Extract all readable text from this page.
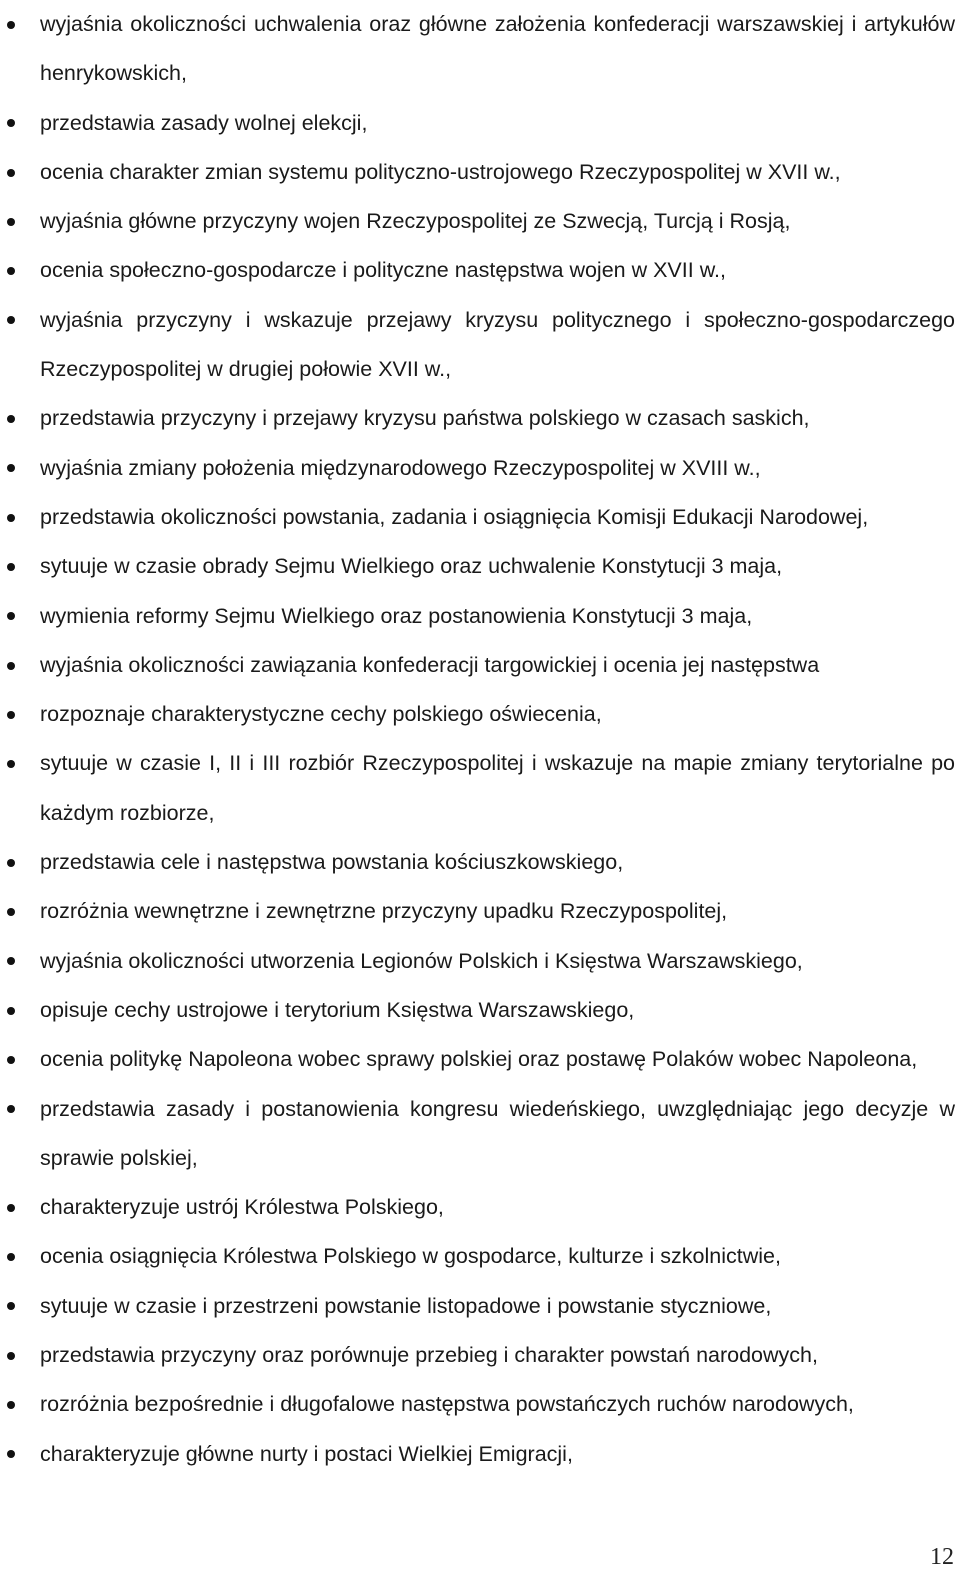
wyjaśnia okoliczności uchwalenia oraz główne założenia konfederacji warszawskiej i artykułów henrykowskich,
przedstawia zasady wolnej elekcji,
ocenia charakter zmian systemu polityczno-ustrojowego Rzeczypospolitej w XVII w.,
wyjaśnia główne przyczyny wojen Rzeczypospolitej ze Szwecją, Turcją i Rosją,
ocenia społeczno-gospodarcze i polityczne następstwa wojen w XVII w.,
wyjaśnia przyczyny i wskazuje przejawy kryzysu politycznego i społeczno-gospodarczego Rzeczypospolitej w drugiej połowie XVII w.,
przedstawia przyczyny i przejawy kryzysu państwa polskiego w czasach saskich,
wyjaśnia zmiany położenia międzynarodowego Rzeczypospolitej w XVIII w.,
przedstawia okoliczności powstania, zadania i osiągnięcia Komisji Edukacji Narodowej,
sytuuje w czasie obrady Sejmu Wielkiego oraz uchwalenie Konstytucji 3 maja,
wymienia reformy Sejmu Wielkiego oraz postanowienia Konstytucji 3 maja,
wyjaśnia okoliczności zawiązania konfederacji targowickiej i ocenia jej następstwa
rozpoznaje charakterystyczne cechy polskiego oświecenia,
sytuuje w czasie I, II i III rozbiór Rzeczypospolitej i wskazuje na mapie zmiany terytorialne po każdym rozbiorze,
przedstawia cele i następstwa powstania kościuszkowskiego,
rozróżnia wewnętrzne i zewnętrzne przyczyny upadku Rzeczypospolitej,
wyjaśnia okoliczności utworzenia Legionów Polskich i Księstwa Warszawskiego,
opisuje cechy ustrojowe i terytorium Księstwa Warszawskiego,
ocenia politykę Napoleona wobec sprawy polskiej oraz postawę Polaków wobec Napoleona,
przedstawia zasady i postanowienia kongresu wiedeńskiego, uwzględniając jego decyzje w sprawie polskiej,
charakteryzuje ustrój Królestwa Polskiego,
ocenia osiągnięcia Królestwa Polskiego w gospodarce, kulturze i szkolnictwie,
sytuuje w czasie i przestrzeni powstanie listopadowe i powstanie styczniowe,
przedstawia przyczyny oraz porównuje przebieg i charakter powstań narodowych,
rozróżnia bezpośrednie i długofalowe następstwa powstańczych ruchów narodowych,
charakteryzuje główne nurty i postaci Wielkiej Emigracji,
12
